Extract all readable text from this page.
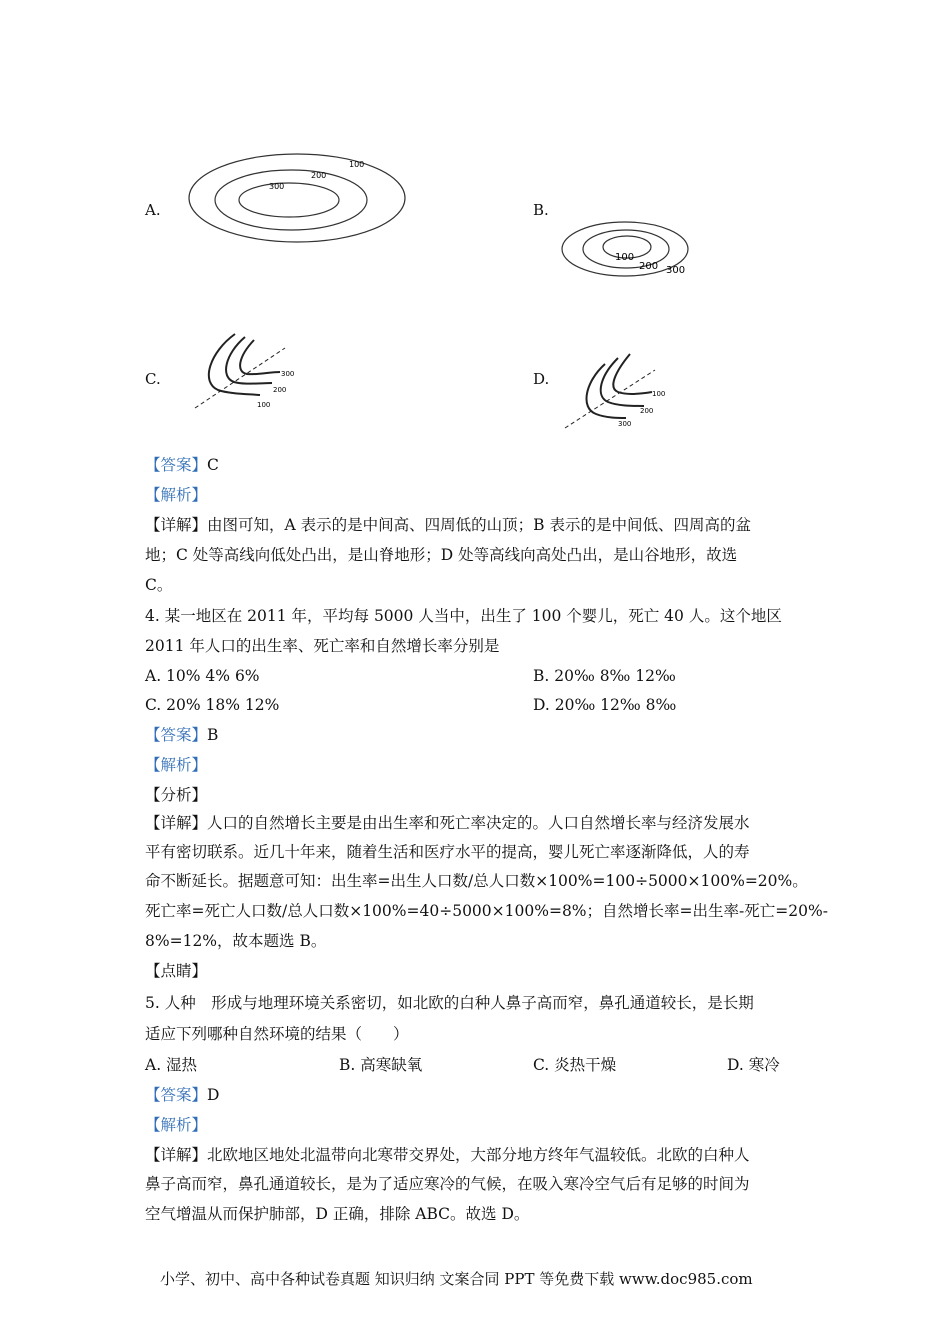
A.
100
200
300
B.
100
200 300
C.	300
200
100
D.
100
200
300
【答案】C
【解析】
【详解】由图可知，A 表示的是中间高、四周低的山顶；B 表示的是中间低、四周高的盆
地；C 处等高线向低处凸出，是山脊地形；D 处等高线向高处凸出，是山谷地形，故选
C。
4. 某一地区在 2011 年，平均每 5000 人当中，出生了 100 个婴儿，死亡 40 人。这个地区
2011 年人口的出生率、死亡率和自然增长率分别是
A. 10% 4% 6%	B. 20‰ 8‰ 12‰
C. 20% 18% 12%	D. 20‰ 12‰ 8‰
【答案】B
【解析】
【分析】
【详解】人口的自然增长主要是由出生率和死亡率决定的。人口自然增长率与经济发展水
平有密切联系。近几十年来，随着生活和医疗水平的提高，婴儿死亡率逐渐降低，人的寿
命不断延长。据题意可知：出生率=出生人口数/总人口数×100%=100÷5000×100%=20%。
死亡率=死亡人口数/总人口数×100%=40÷5000×100%=8%；自然增长率=出生率-死亡=20%-
8%=12%，故本题选 B。
【点睛】
5. 人种　形成与地理环境关系密切，如北欧的白种人鼻子高而窄，鼻孔通道较长，是长期
适应下列哪种自然环境的结果（　　）
A. 湿热	B. 高寒缺氧	C. 炎热干燥	D. 寒冷
【答案】D
【解析】
【详解】北欧地区地处北温带向北寒带交界处，大部分地方终年气温较低。北欧的白种人
鼻子高而窄，鼻孔通道较长，是为了适应寒冷的气候，在吸入寒冷空气后有足够的时间为
空气增温从而保护肺部，D 正确，排除 ABC。故选 D。
小学、初中、高中各种试卷真题 知识归纳 文案合同 PPT 等免费下载 www.doc985.com
